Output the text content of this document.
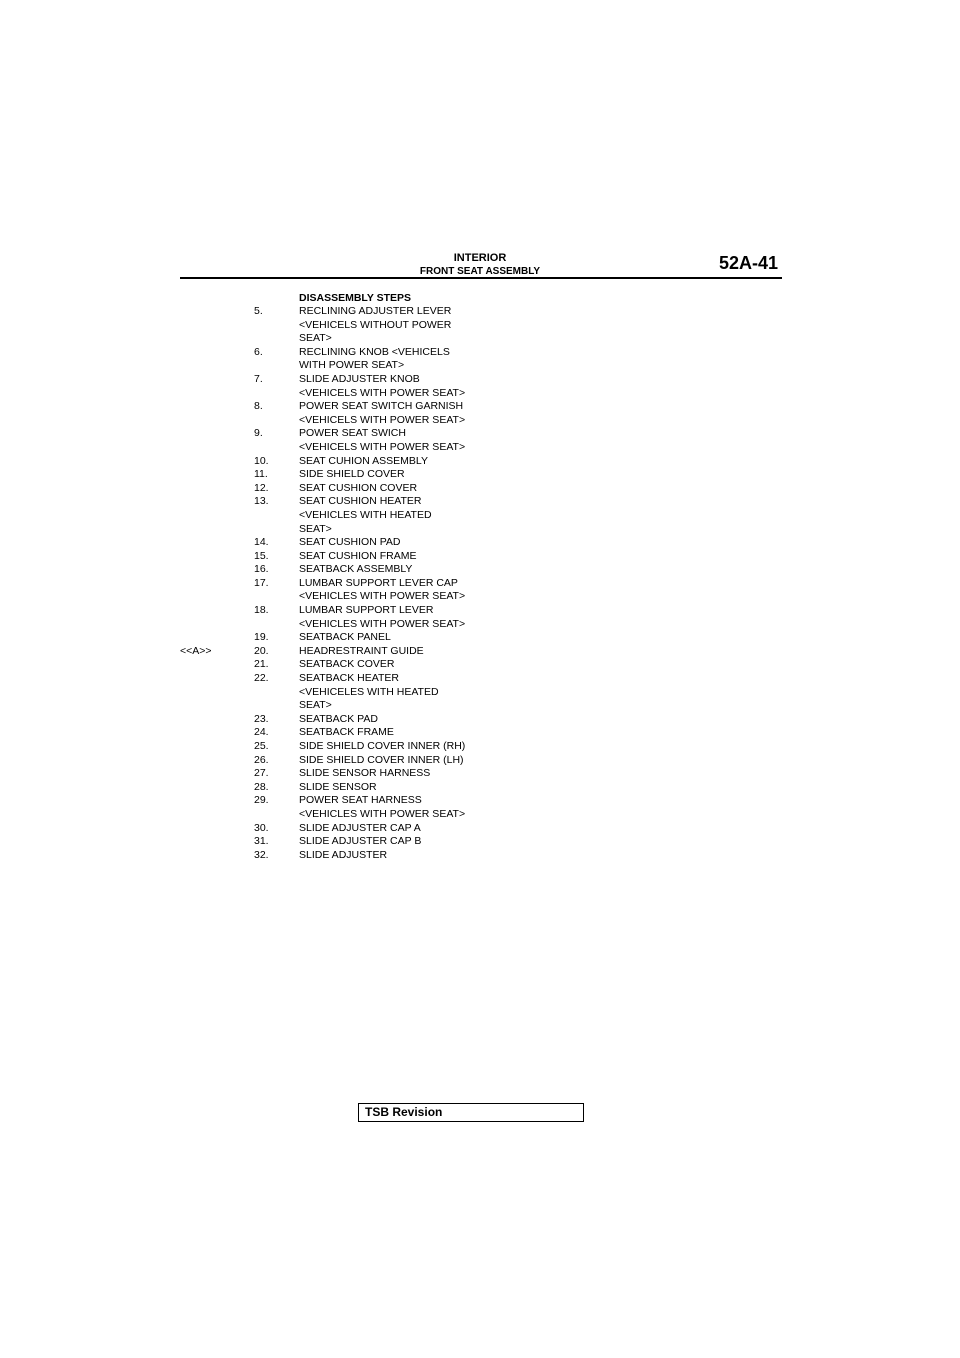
INTERIOR
FRONT SEAT ASSEMBLY	52A-41
DISASSEMBLY STEPS
5.	RECLINING ADJUSTER LEVER
<VEHICELS WITHOUT POWER
SEAT>
6.	RECLINING KNOB <VEHICELS
WITH POWER SEAT>
7.	SLIDE ADJUSTER KNOB
<VEHICELS WITH POWER SEAT>
8.	POWER SEAT SWITCH GARNISH
<VEHICELS WITH POWER SEAT>
9.	POWER SEAT SWICH
<VEHICELS WITH POWER SEAT>
10.	SEAT CUHION ASSEMBLY
11.	SIDE SHIELD COVER
12.	SEAT CUSHION COVER
13.	SEAT CUSHION HEATER
<VEHICLES WITH HEATED
SEAT>
14.	SEAT CUSHION PAD
15.	SEAT CUSHION FRAME
16.	SEATBACK ASSEMBLY
17.	LUMBAR SUPPORT LEVER CAP
<VEHICLES WITH POWER SEAT>
18.	LUMBAR SUPPORT LEVER
<VEHICLES WITH POWER SEAT>
19.	SEATBACK PANEL
<<A>>	20.	HEADRESTRAINT GUIDE
21.	SEATBACK COVER
22.	SEATBACK HEATER
<VEHICELES WITH HEATED
SEAT>
23.	SEATBACK PAD
24.	SEATBACK FRAME
25.	SIDE SHIELD COVER INNER (RH)
26.	SIDE SHIELD COVER INNER (LH)
27.	SLIDE SENSOR HARNESS
28.	SLIDE SENSOR
29.	POWER SEAT HARNESS
<VEHICLES WITH POWER SEAT>
30.	SLIDE ADJUSTER CAP A
31.	SLIDE ADJUSTER CAP B
32.	SLIDE ADJUSTER
TSB Revision
